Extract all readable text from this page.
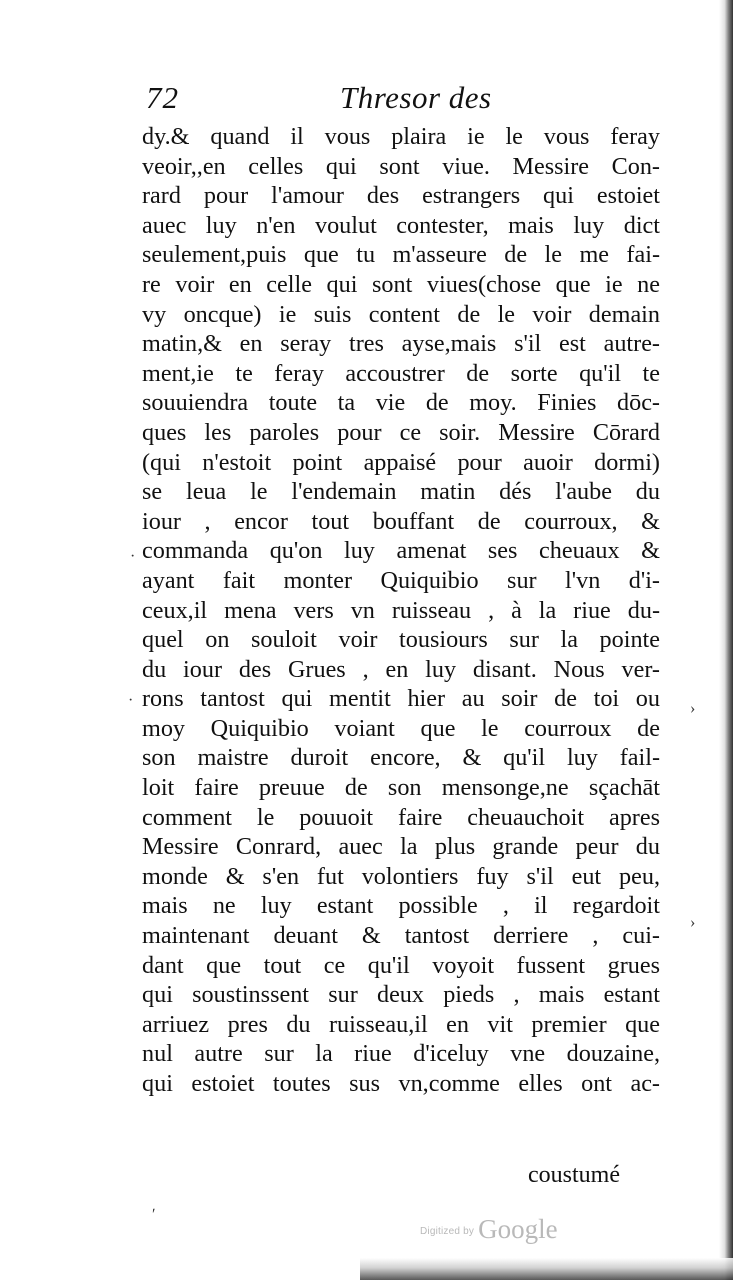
72	Thresor des
dy.& quand il vous plaira ie le vous feray
veoir,,en celles qui sont viue. Messire Con-
rard pour l'amour des estrangers qui estoiet
auec luy n'en voulut contester, mais luy dict
seulement,puis que tu m'asseure de le me fai-
re voir en celle qui sont viues(chose que ie ne
vy oncque) ie suis content de le voir demain
matin,& en seray tres ayse,mais s'il est autre-
ment,ie te feray accoustrer de sorte qu'il te
souuiendra toute ta vie de moy. Finies dōc-
ques les paroles pour ce soir. Messire Cōrard
(qui n'estoit point appaisé pour auoir dormi)
se leua le l'endemain matin dés l'aube du
iour , encor tout bouffant de courroux, &
commanda qu'on luy amenat ses cheuaux &
ayant fait monter Quiquibio sur l'vn d'i-
ceux,il mena vers vn ruisseau , à la riue du-
quel on souloit voir tousiours sur la pointe
du iour des Grues , en luy disant. Nous ver-
rons tantost qui mentit hier au soir de toi ou
moy Quiquibio voiant que le courroux de
son maistre duroit encore, & qu'il luy fail-
loit faire preuue de son mensonge,ne sçachāt
comment le pouuoit faire cheuauchoit apres
Messire Conrard, auec la plus grande peur du
monde & s'en fut volontiers fuy s'il eut peu,
mais ne luy estant possible , il regardoit
maintenant deuant & tantost derriere , cui-
dant que tout ce qu'il voyoit fussent grues
qui soustinssent sur deux pieds , mais estant
arriuez pres du ruisseau,il en vit premier que
nul autre sur la riue d'iceluy vne douzaine,
qui estoiet toutes sus vn,comme elles ont ac-
coustumé
$^{Digitized by}$ Google
·
·	›
›
ʹ
